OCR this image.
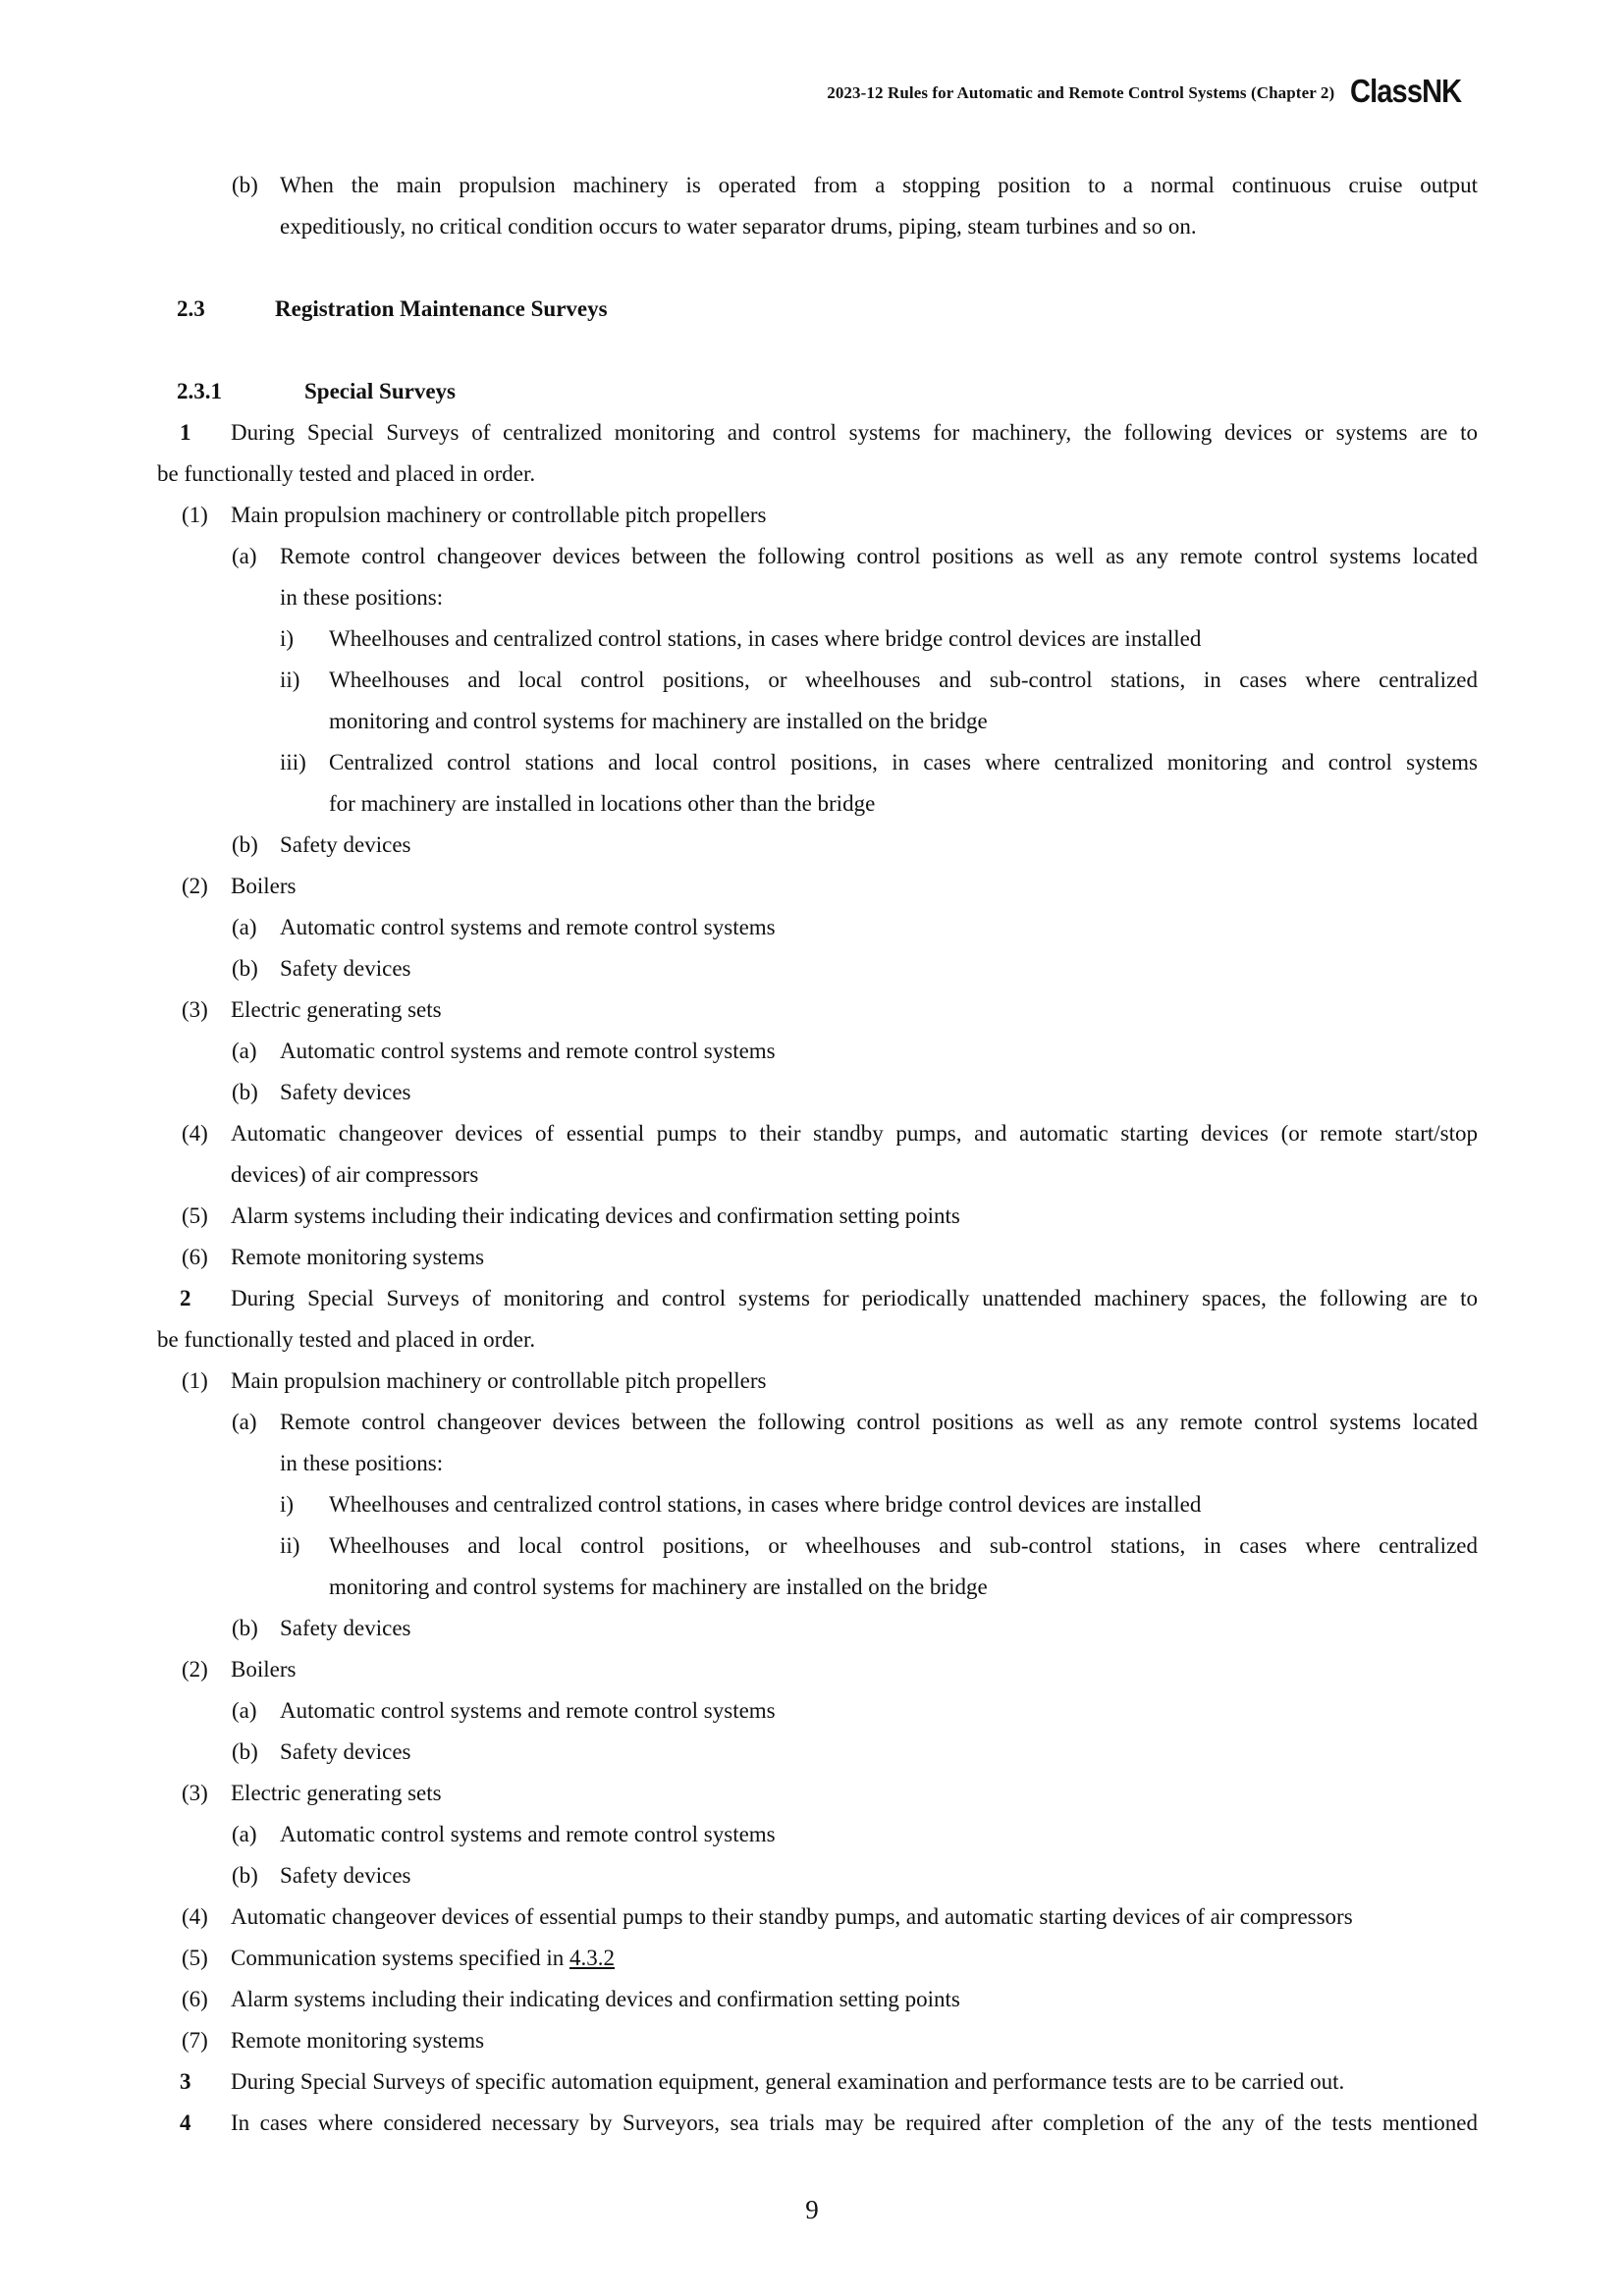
2023-12 Rules for Automatic and Remote Control Systems (Chapter 2) ClassNK
(b) When the main propulsion machinery is operated from a stopping position to a normal continuous cruise output
expeditiously, no critical condition occurs to water separator drums, piping, steam turbines and so on.
2.3	Registration Maintenance Surveys

2.3.1	Special Surveys

1 During Special Surveys of centralized monitoring and control systems for machinery, the following devices or systems are to
be functionally tested and placed in order.
(1) Main propulsion machinery or controllable pitch propellers
(a) Remote control changeover devices between the following control positions as well as any remote control systems located
in these positions:
i) Wheelhouses and centralized control stations, in cases where bridge control devices are installed
ii) Wheelhouses and local control positions, or wheelhouses and sub-control stations, in cases where centralized
monitoring and control systems for machinery are installed on the bridge
iii) Centralized control stations and local control positions, in cases where centralized monitoring and control systems
for machinery are installed in locations other than the bridge
(b) Safety devices
(2) Boilers
(a) Automatic control systems and remote control systems
(b) Safety devices
(3) Electric generating sets
(a) Automatic control systems and remote control systems
(b) Safety devices
(4) Automatic changeover devices of essential pumps to their standby pumps, and automatic starting devices (or remote start/stop
devices) of air compressors
(5) Alarm systems including their indicating devices and confirmation setting points
(6) Remote monitoring systems
2 During Special Surveys of monitoring and control systems for periodically unattended machinery spaces, the following are to
be functionally tested and placed in order.
(1) Main propulsion machinery or controllable pitch propellers
(a) Remote control changeover devices between the following control positions as well as any remote control systems located
in these positions:
i) Wheelhouses and centralized control stations, in cases where bridge control devices are installed
ii) Wheelhouses and local control positions, or wheelhouses and sub-control stations, in cases where centralized
monitoring and control systems for machinery are installed on the bridge
(b) Safety devices
(2) Boilers
(a) Automatic control systems and remote control systems
(b) Safety devices
(3) Electric generating sets
(a) Automatic control systems and remote control systems
(b) Safety devices
(4) Automatic changeover devices of essential pumps to their standby pumps, and automatic starting devices of air compressors
(5) Communication systems specified in 4.3.2
(6) Alarm systems including their indicating devices and confirmation setting points
(7) Remote monitoring systems
3 During Special Surveys of specific automation equipment, general examination and performance tests are to be carried out.
4 In cases where considered necessary by Surveyors, sea trials may be required after completion of the any of the tests mentioned
9
